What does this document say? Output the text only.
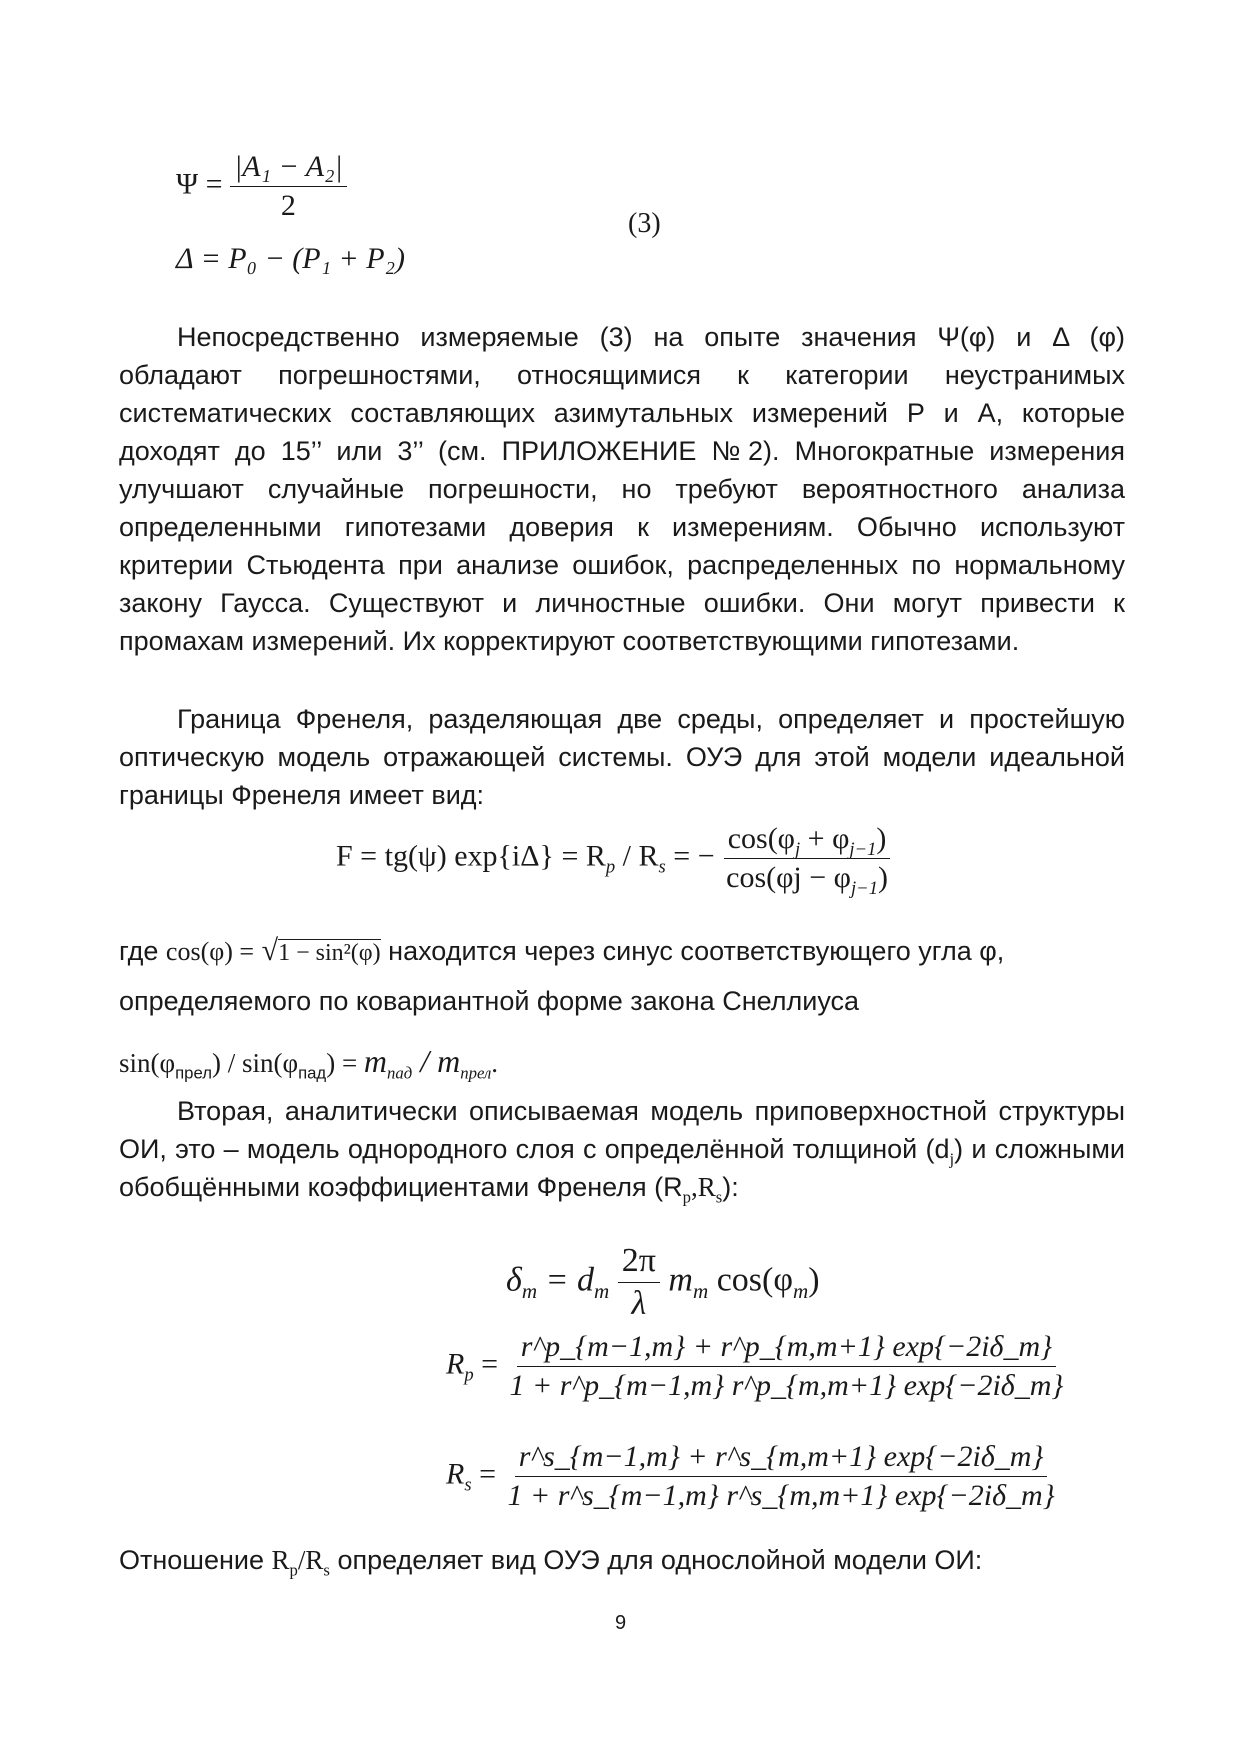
$\Psi = \frac{\text{|A₁ − A₂|}}{2}$
Δ = P₀ − (P₁ + P₂)
(3)
Непосредственно измеряемые (3) на опыте значения Ψ(φ) и Δ (φ) обладают погрешностями, относящимися к категории неустранимых систематических составляющих азимутальных измерений Р и А, которые доходят до 15’’ или 3’’ (см. ПРИЛОЖЕНИЕ №2). Многократные измерения улучшают случайные погрешности, но требуют вероятностного анализа определенными гипотезами доверия к измерениям. Обычно используют критерии Стьюдента при анализе ошибок, распределенных по нормальному закону Гаусса. Существуют и личностные ошибки. Они могут привести к промахам измерений. Их корректируют соответствующими гипотезами.
Граница Френеля, разделяющая две среды, определяет и простейшую оптическую модель отражающей системы. ОУЭ для этой модели идеальной границы Френеля имеет вид:
F = tg(ψ) $\exp\{i\Delta\} = R_p / R_s$ = − $\frac{\cos(\varphi_j + \varphi_{j-1})}{\cos(\varphi j - \varphi_{j-1})}$
где cos(φ) = √1 − sin²(φ) находится через синус соответствующего угла φ,
определяемого по ковариантной форме закона Снеллиуса
$\sin(\varphi_{прел}) / \sin(\varphi_{пад}) = m_{пад} / m_{прел}$.
Вторая, аналитически описываемая модель приповерхностной структуры ОИ, это – модель однородного слоя с определённой толщиной $(d_j)$ и сложными обобщёнными коэффициентами Френеля $(R_p,R_s)$:
$\delta_m = d_m \frac{2\pi}{\lambda} m_m$ $\cos(\varphi_m)$
$R_p = \frac{r\^{}p\_\{m-1,m\} + r\^{}p\_\{m,m+1\} \exp\{-2i\delta\_m\}}{1 + r\^{}p\_\{m-1,m\} r\^{}p\_\{m,m+1\} \exp\{-2i\delta\_m\}}$
$R_s = \frac{r\^{}s\_\{m-1,m\} + r\^{}s\_\{m,m+1\} \exp\{-2i\delta\_m\}}{1 + r\^{}s\_\{m-1,m\} r\^{}s\_\{m,m+1\} \exp\{-2i\delta\_m\}}$
Отношение $R_p/R_s$ определяет вид ОУЭ для однослойной модели ОИ:
9
